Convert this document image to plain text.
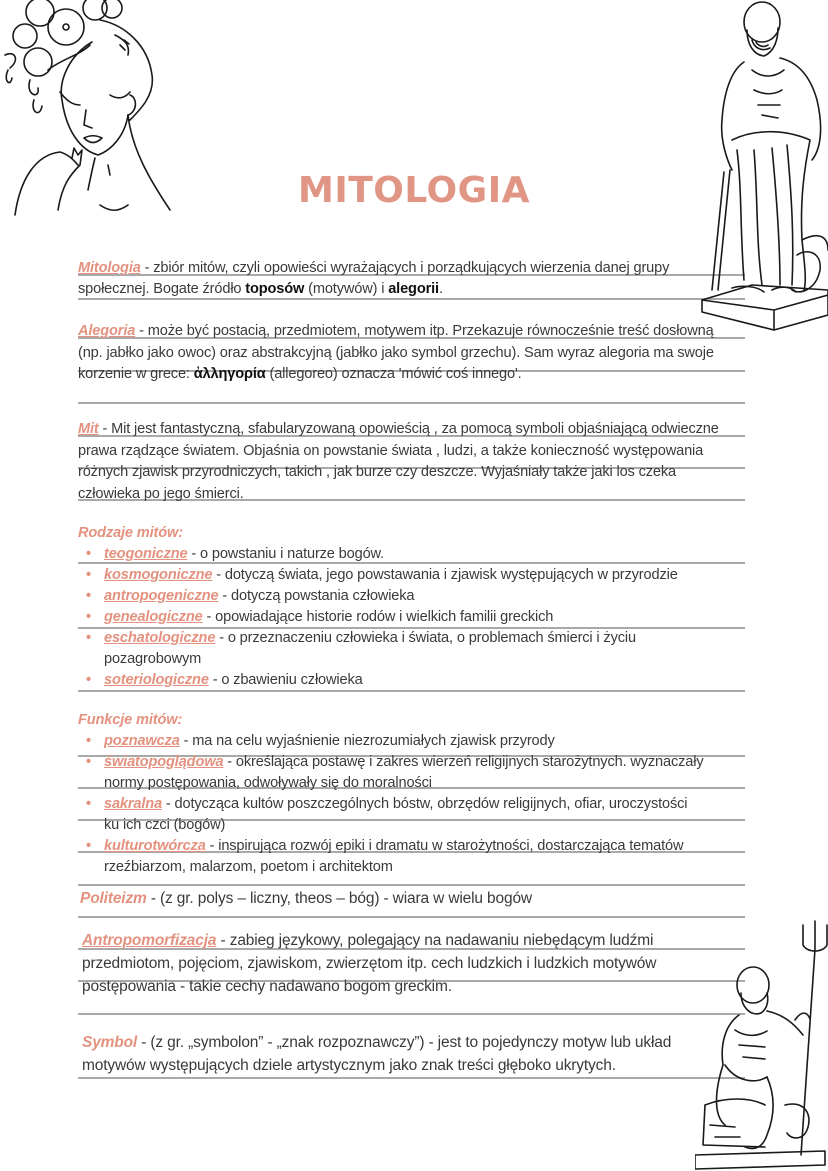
MITOLOGIA
Mitologia - zbiór mitów, czyli opowieści wyrażających i porządkujących wierzenia danej grupy społecznej. Bogate źródło toposów (motywów) i alegorii.
Alegoria - może być postacią, przedmiotem, motywem itp. Przekazuje równocześnie treść dosłowną (np. jabłko jako owoc) oraz abstrakcyjną (jabłko jako symbol grzechu). Sam wyraz alegoria ma swoje korzenie w grece: ἀλληγορία (allegoreo) oznacza 'mówić coś innego'.
Mit - Mit jest fantastyczną, sfabularyzowaną opowieścią , za pomocą symboli objaśniającą odwieczne prawa rządzące światem. Objaśnia on powstanie świata , ludzi, a także konieczność występowania różnych zjawisk przyrodniczych, takich , jak burze czy deszcze. Wyjaśniały także jaki los czeka człowieka po jego śmierci.
Rodzaje mitów:
• teogoniczne - o powstaniu i naturze bogów.
• kosmogoniczne - dotyczą świata, jego powstawania i zjawisk występujących w przyrodzie
• antropogeniczne - dotyczą powstania człowieka
• genealogiczne - opowiadające historie rodów i wielkich familii greckich
• eschatologiczne - o przeznaczeniu człowieka i świata, o problemach śmierci i życiu pozagrobowym
• soteriologiczne - o zbawieniu człowieka
Funkcje mitów:
• poznawcza - ma na celu wyjaśnienie niezrozumiałych zjawisk przyrody
• światopoglądowa - określająca postawę i zakres wierzeń religijnych starożytnych. wyznaczały normy postępowania, odwoływały się do moralności
• sakralna - dotycząca kultów poszczególnych bóstw, obrzędów religijnych, ofiar, uroczystości ku ich czci (bogów)
• kulturotwórcza - inspirująca rozwój epiki i dramatu w starożytności, dostarczająca tematów rzeźbiarzom, malarzom, poetom i architektom
Politeizm - (z gr. polys – liczny, theos – bóg) - wiara w wielu bogów
Antropomorfizacja - zabieg językowy, polegający na nadawaniu niebędącym ludźmi przedmiotom, pojęciom, zjawiskom, zwierzętom itp. cech ludzkich i ludzkich motywów postępowania - takie cechy nadawano bogom greckim.
Symbol - (z gr. „symbolon” - „znak rozpoznawczy”) - jest to pojedynczy motyw lub układ motywów występujących dziele artystycznym jako znak treści głęboko ukrytych.
